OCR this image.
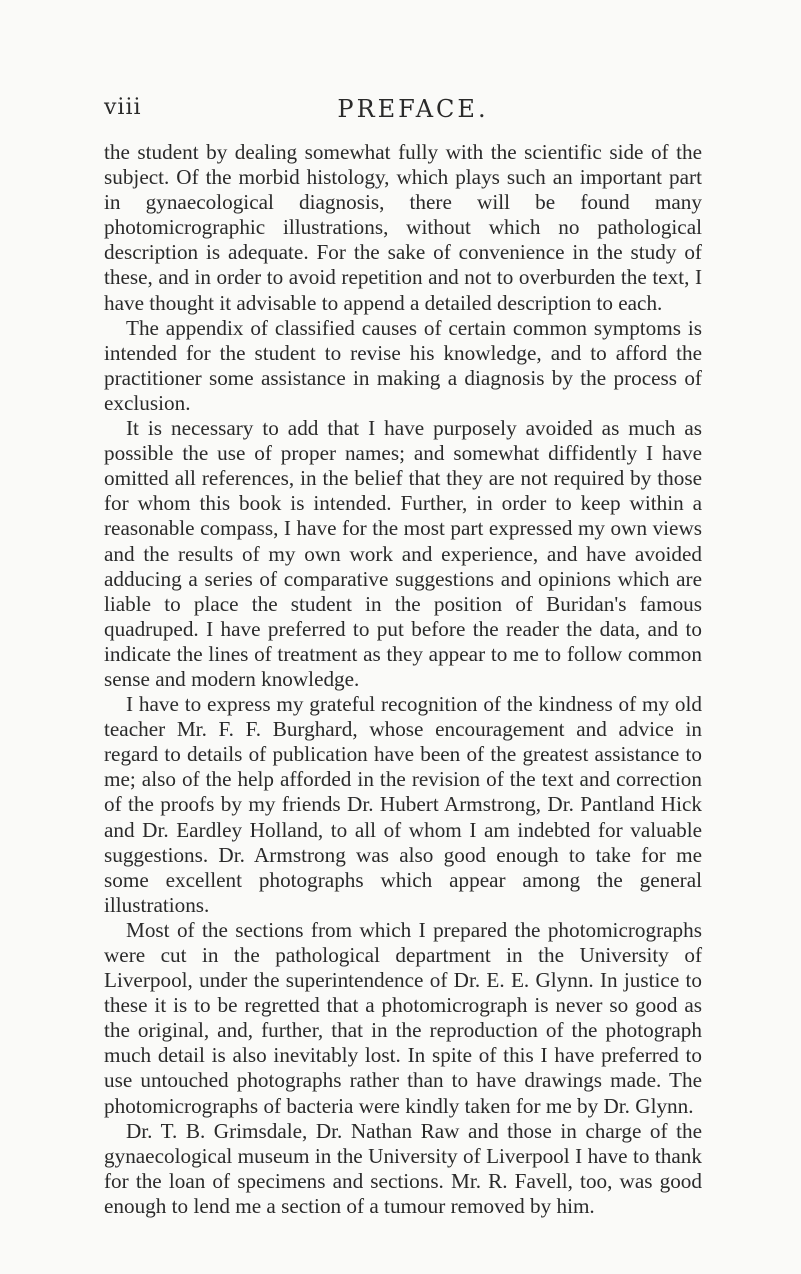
viii	PREFACE.

the student by dealing somewhat fully with the scientific side of the subject. Of the morbid histology, which plays such an important part in gynaecological diagnosis, there will be found many photomicrographic illustrations, without which no pathological description is adequate. For the sake of convenience in the study of these, and in order to avoid repetition and not to overburden the text, I have thought it advisable to append a detailed description to each.

The appendix of classified causes of certain common symptoms is intended for the student to revise his knowledge, and to afford the practitioner some assistance in making a diagnosis by the process of exclusion.

It is necessary to add that I have purposely avoided as much as possible the use of proper names; and somewhat diffidently I have omitted all references, in the belief that they are not required by those for whom this book is intended. Further, in order to keep within a reasonable compass, I have for the most part expressed my own views and the results of my own work and experience, and have avoided adducing a series of comparative suggestions and opinions which are liable to place the student in the position of Buridan's famous quadruped. I have preferred to put before the reader the data, and to indicate the lines of treatment as they appear to me to follow common sense and modern knowledge.

I have to express my grateful recognition of the kindness of my old teacher Mr. F. F. Burghard, whose encouragement and advice in regard to details of publication have been of the greatest assistance to me; also of the help afforded in the revision of the text and correction of the proofs by my friends Dr. Hubert Armstrong, Dr. Pantland Hick and Dr. Eardley Holland, to all of whom I am indebted for valuable suggestions. Dr. Armstrong was also good enough to take for me some excellent photographs which appear among the general illustrations.

Most of the sections from which I prepared the photomicrographs were cut in the pathological department in the University of Liverpool, under the superintendence of Dr. E. E. Glynn. In justice to these it is to be regretted that a photomicrograph is never so good as the original, and, further, that in the reproduction of the photograph much detail is also inevitably lost. In spite of this I have preferred to use untouched photographs rather than to have drawings made. The photomicrographs of bacteria were kindly taken for me by Dr. Glynn.

Dr. T. B. Grimsdale, Dr. Nathan Raw and those in charge of the gynaecological museum in the University of Liverpool I have to thank for the loan of specimens and sections. Mr. R. Favell, too, was good enough to lend me a section of a tumour removed by him.
